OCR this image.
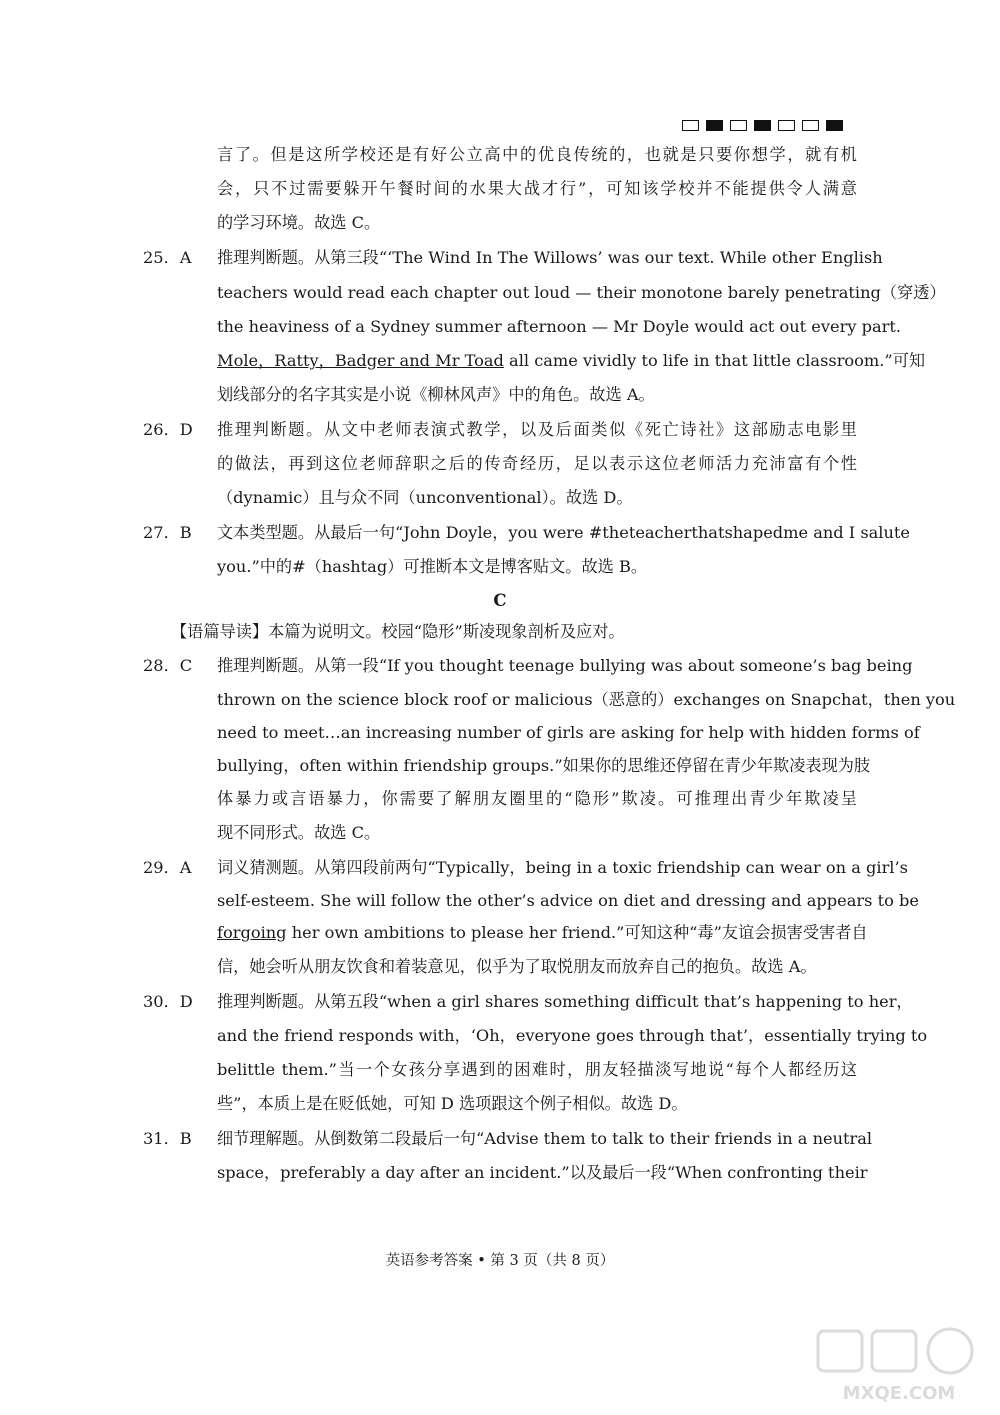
言了。但是这所学校还是有好公立高中的优良传统的，也就是只要你想学，就有机
会，只不过需要躲开午餐时间的水果大战才行”，可知该学校并不能提供令人满意
的学习环境。故选 C。
25．A	推理判断题。从第三段“‘The Wind In The Willows’ was our text. While other English
teachers would read each chapter out loud — their monotone barely penetrating（穿透）
the heaviness of a Sydney summer afternoon — Mr Doyle would act out every part.
Mole，Ratty，Badger and Mr Toad all came vividly to life in that little classroom.”可知
划线部分的名字其实是小说《柳林风声》中的角色。故选 A。
26．D	推理判断题。从文中老师表演式教学，以及后面类似《死亡诗社》这部励志电影里
的做法，再到这位老师辞职之后的传奇经历，足以表示这位老师活力充沛富有个性
（dynamic）且与众不同（unconventional）。故选 D。
27．B	文本类型题。从最后一句“John Doyle，you were #theteacherthatshapedme and I salute
you.”中的#（hashtag）可推断本文是博客贴文。故选 B。
C
【语篇导读】本篇为说明文。校园“隐形”斯凌现象剖析及应对。
28．C	推理判断题。从第一段“If you thought teenage bullying was about someone’s bag being
thrown on the science block roof or malicious（恶意的）exchanges on Snapchat，then you
need to meet…an increasing number of girls are asking for help with hidden forms of
bullying，often within friendship groups.”如果你的思维还停留在青少年欺凌表现为肢
体暴力或言语暴力，你需要了解朋友圈里的“隐形”欺凌。可推理出青少年欺凌呈
现不同形式。故选 C。
29．A	词义猜测题。从第四段前两句“Typically，being in a toxic friendship can wear on a girl’s
self-esteem. She will follow the other’s advice on diet and dressing and appears to be
forgoing her own ambitions to please her friend.”可知这种“毒”友谊会损害受害者自
信，她会听从朋友饮食和着装意见，似乎为了取悦朋友而放弃自己的抱负。故选 A。
30．D	推理判断题。从第五段“when a girl shares something difficult that’s happening to her，
and the friend responds with，‘Oh，everyone goes through that’，essentially trying to
belittle them.”当一个女孩分享遇到的困难时，朋友轻描淡写地说“每个人都经历这
些”，本质上是在贬低她，可知 D 选项跟这个例子相似。故选 D。
31．B	细节理解题。从倒数第二段最后一句“Advise them to talk to their friends in a neutral
space，preferably a day after an incident.”以及最后一段“When confronting their
英语参考答案 • 第 3 页（共 8 页）
MXQE.COM
